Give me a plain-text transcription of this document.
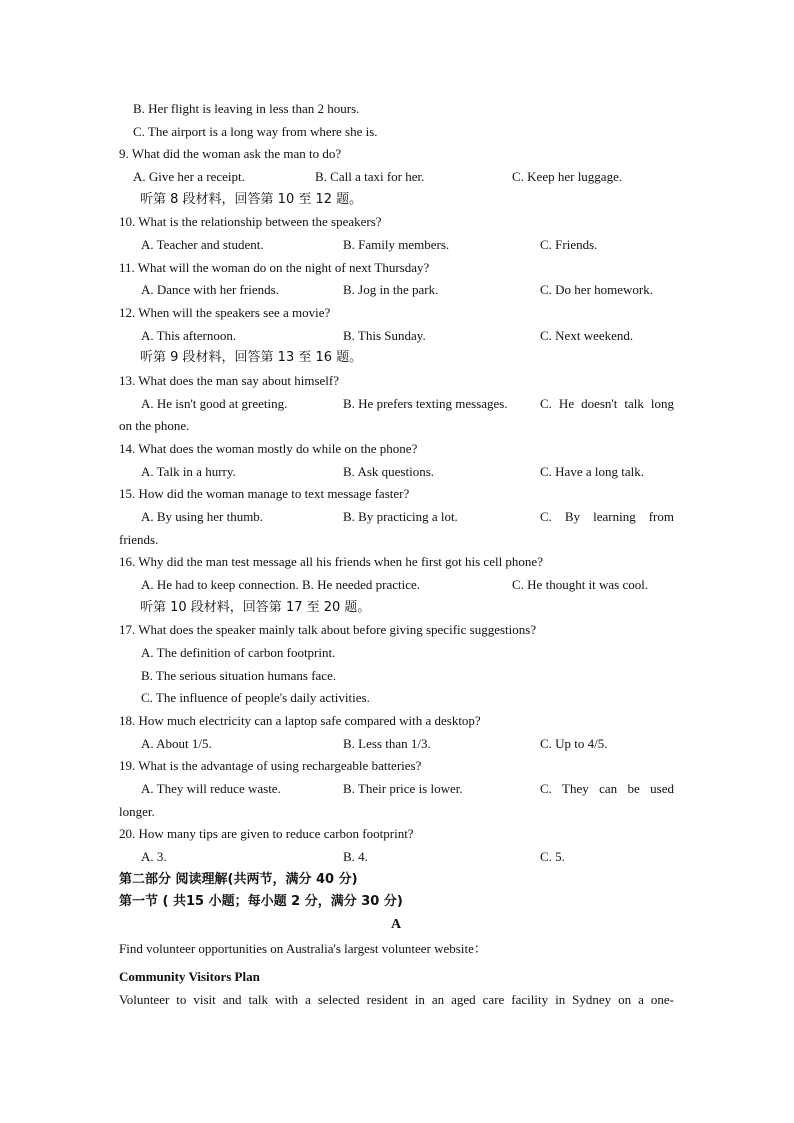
B. Her flight is leaving in less than 2 hours.
C. The airport is a long way from where she is.
9. What did the woman ask the man to do?
A. Give her a receipt.	B. Call a taxi for her.	C. Keep her luggage.
听第 8 段材料，回答第 10 至 12 题。
10. What is the relationship between the speakers?
A. Teacher and student.	B. Family members.	C. Friends.
11. What will the woman do on the night of next Thursday?
A. Dance with her friends.	B. Jog in the park.	C. Do her homework.
12. When will the speakers see a movie?
A. This afternoon.	B. This Sunday.	C. Next weekend.
听第 9 段材料，回答第 13 至 16 题。
13. What does the man say about himself?
A. He isn't good at greeting.	B. He prefers texting messages. C. He doesn't talk long
on the phone.
14. What does the woman mostly do while on the phone?
A. Talk in a hurry.	B. Ask questions.	C. Have a long talk.
15. How did the woman manage to text message faster?
A. By using her thumb.	B. By practicing a lot.	C. By learning from
friends.
16. Why did the man test message all his friends when he first got his cell phone?
A. He had to keep connection. B. He needed practice.	C. He thought it was cool.
听第 10 段材料，回答第 17 至 20 题。
17. What does the speaker mainly talk about before giving specific suggestions?
A. The definition of carbon footprint.
B. The serious situation humans face.
C. The influence of people's daily activities.
18. How much electricity can a laptop safe compared with a desktop?
A. About 1/5.	B. Less than 1/3.	C. Up to 4/5.
19. What is the advantage of using rechargeable batteries?
A. They will reduce waste.	B. Their price is lower.	C. They can be used
longer.
20. How many tips are given to reduce carbon footprint?
A. 3.	B. 4.	C. 5.
第二部分 阅读理解(共两节，满分 40 分)
第一节 ( 共15 小题；每小题 2 分，满分 30 分)
A
Find volunteer opportunities on Australia's largest volunteer website：
Community Visitors Plan
Volunteer to visit and talk with a selected resident in an aged care facility in Sydney on a one-
